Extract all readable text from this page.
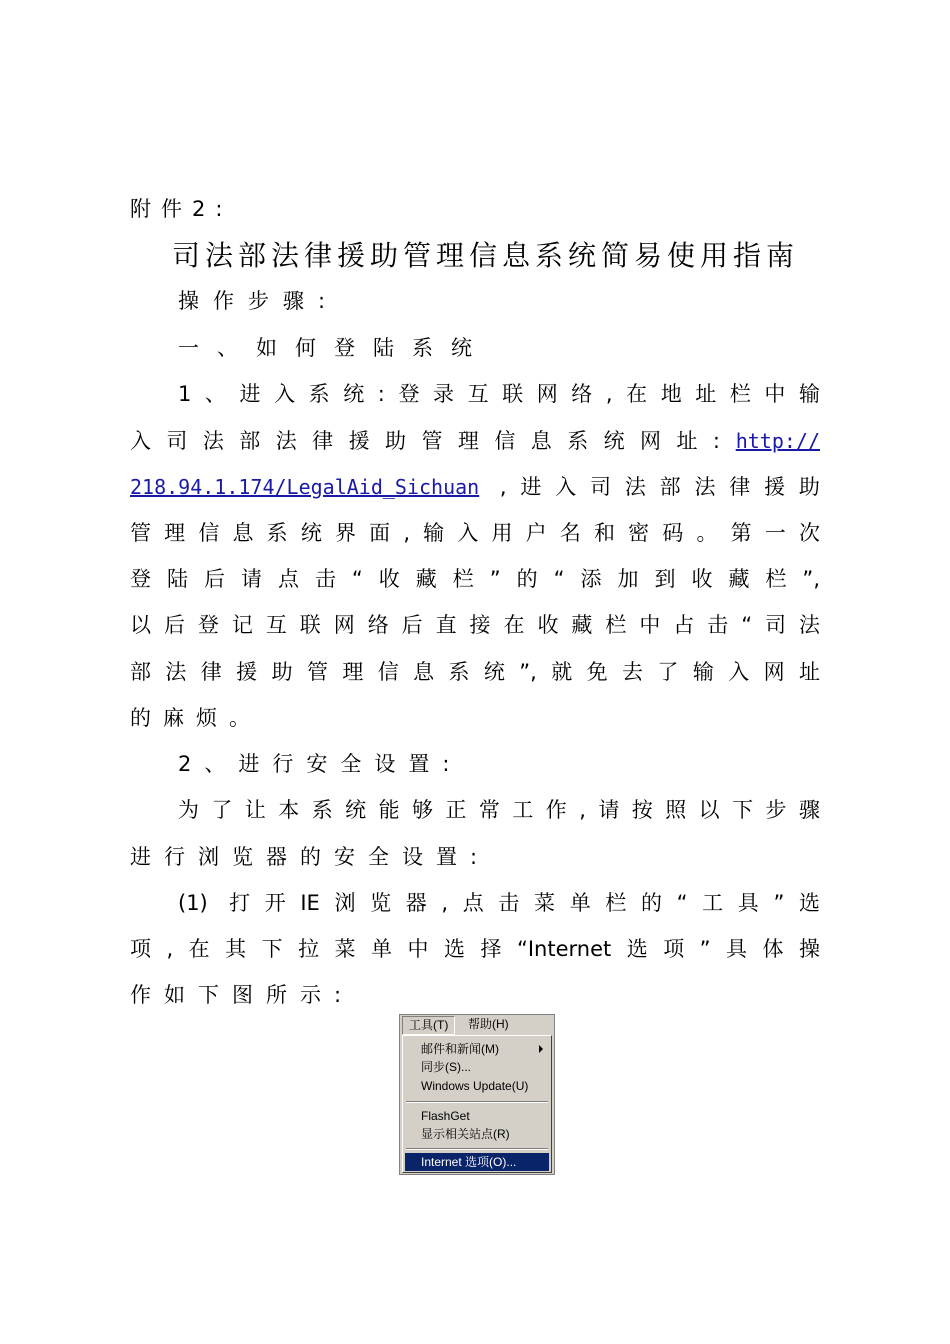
附件2:
司法部法律援助管理信息系统简易使用指南
操作步骤:
一、如何登陆系统
1、进入系统:登录互联网络,在地址栏中输
入司法部法律援助管理信息系统网址: http://
218.94.1.174/LegalAid_Sichuan ,进入司法部法律援助
管理信息系统界面,输入用户名和密码。第一次
登陆后请点击“收藏栏”的“添加到收藏栏”,
以后登记互联网络后直接在收藏栏中占击“司法
部法律援助管理信息系统”,就免去了输入网址
的麻烦。
2、进行安全设置:
为了让本系统能够正常工作,请按照以下步骤
进行浏览器的安全设置:
(1) 打开IE浏览器,点击菜单栏的“工具”选
项,在其下拉菜单中选择“Internet选项”具体操
作如下图所示:
工具(T)	帮助(H)
邮件和新闻(M)
同步(S)...
Windows Update(U)
FlashGet
显示相关站点(R)
Internet 选项(O)...
